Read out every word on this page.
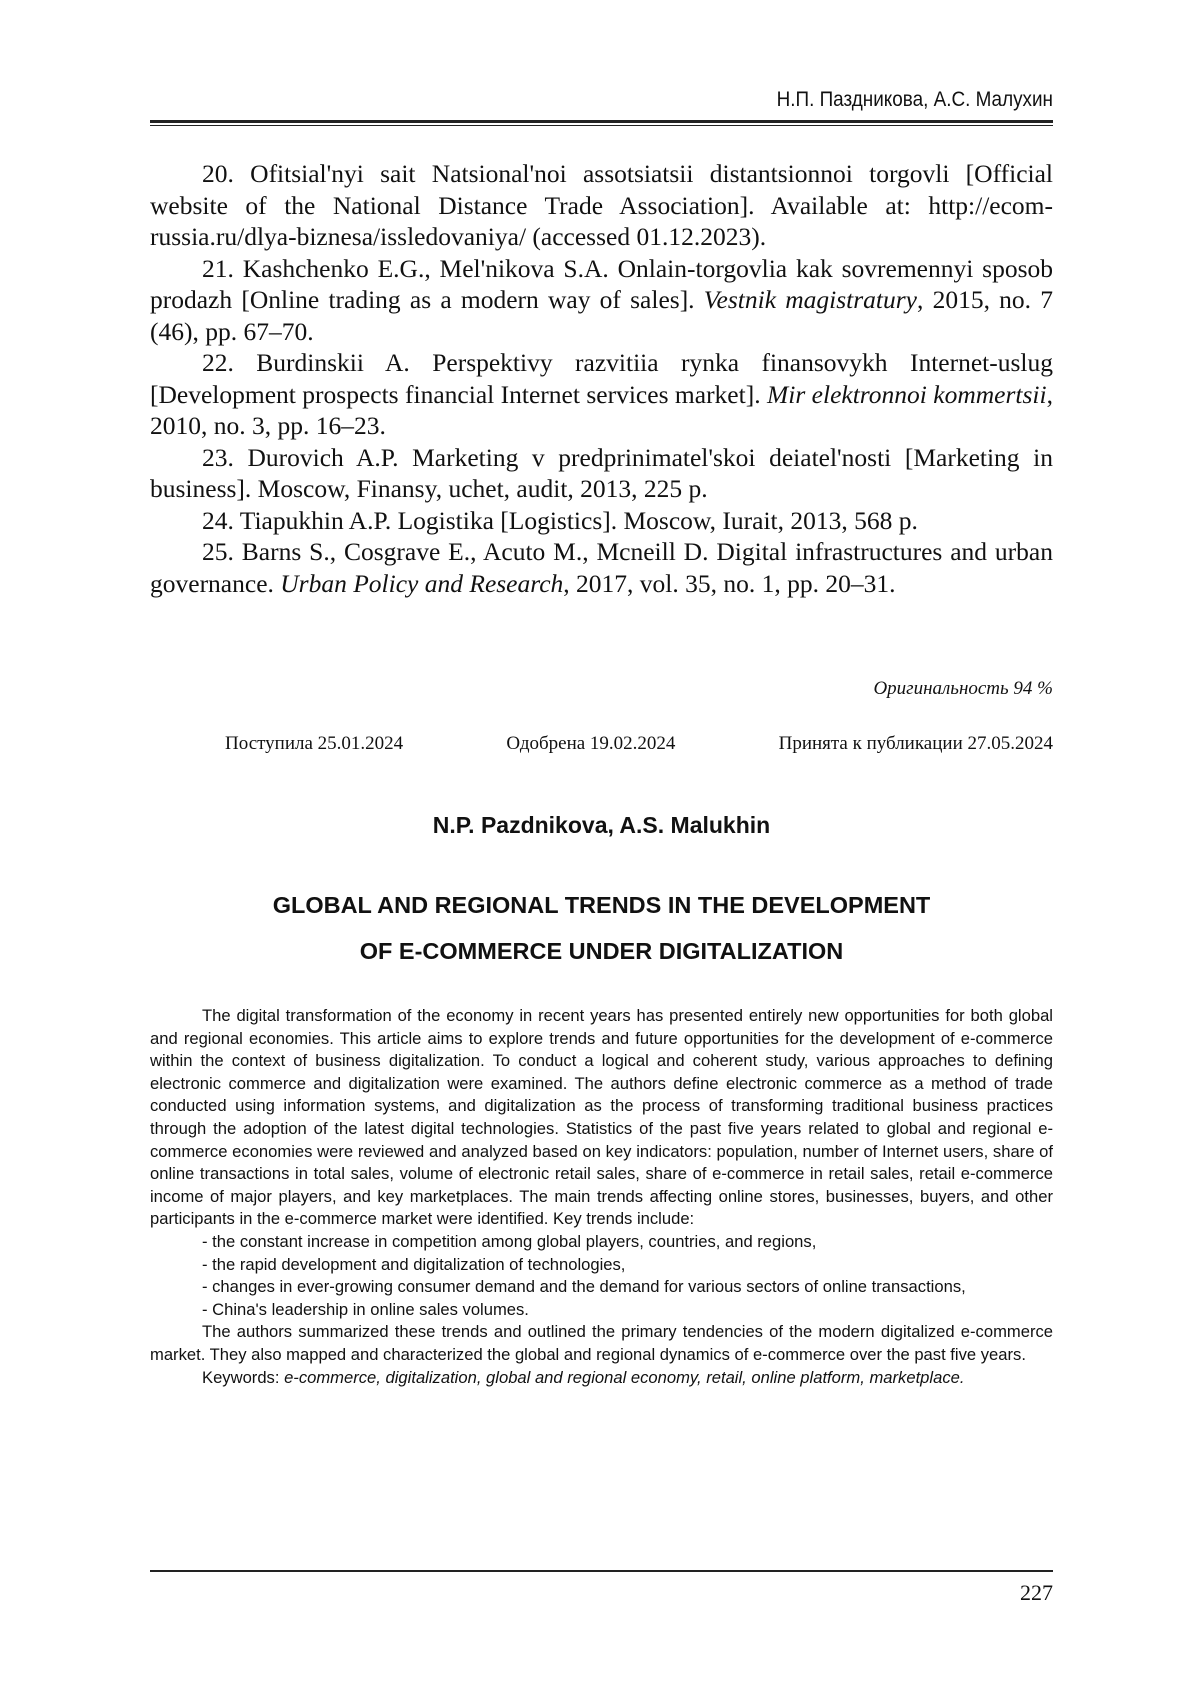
Н.П. Паздникова, А.С. Малухин

20. Ofitsial'nyi sait Natsional'noi assotsiatsii distantsionnoi torgovli [Official website of the National Distance Trade Association]. Available at: http://ecom-russia.ru/dlya-biznesa/issledovaniya/ (accessed 01.12.2023).

21. Kashchenko E.G., Mel'nikova S.A. Onlain-torgovlia kak sovremennyi sposob prodazh [Online trading as a modern way of sales]. Vestnik magistratury, 2015, no. 7 (46), pp. 67–70.

22. Burdinskii A. Perspektivy razvitiia rynka finansovykh Internet-uslug [Development prospects financial Internet services market]. Mir elektronnoi kommertsii, 2010, no. 3, pp. 16–23.

23. Durovich A.P. Marketing v predprinimatel'skoi deiatel'nosti [Marketing in business]. Moscow, Finansy, uchet, audit, 2013, 225 p.

24. Tiapukhin A.P. Logistika [Logistics]. Moscow, Iurait, 2013, 568 p.

25. Barns S., Cosgrave E., Acuto M., Mcneill D. Digital infrastructures and urban governance. Urban Policy and Research, 2017, vol. 35, no. 1, pp. 20–31.

Оригинальность 94 %
Поступила 25.01.2024	Одобрена 19.02.2024	Принята к публикации 27.05.2024
N.P. Pazdnikova, A.S. Malukhin
GLOBAL AND REGIONAL TRENDS IN THE DEVELOPMENT
OF E-COMMERCE UNDER DIGITALIZATION

The digital transformation of the economy in recent years has presented entirely new opportunities for both global and regional economies. This article aims to explore trends and future opportunities for the development of e-commerce within the context of business digitalization. To conduct a logical and coherent study, various approaches to defining electronic commerce and digitalization were examined. The authors define electronic commerce as a method of trade conducted using information systems, and digitalization as the process of transforming traditional business practices through the adoption of the latest digital technologies. Statistics of the past five years related to global and regional e-commerce economies were reviewed and analyzed based on key indicators: population, number of Internet users, share of online transactions in total sales, volume of electronic retail sales, share of e-commerce in retail sales, retail e-commerce income of major players, and key marketplaces. The main trends affecting online stores, businesses, buyers, and other participants in the e-commerce market were identified. Key trends include:

- the constant increase in competition among global players, countries, and regions,

- the rapid development and digitalization of technologies,

- changes in ever-growing consumer demand and the demand for various sectors of online transactions,

- China's leadership in online sales volumes.

The authors summarized these trends and outlined the primary tendencies of the modern digitalized e-commerce market. They also mapped and characterized the global and regional dynamics of e-commerce over the past five years.

Keywords: e-commerce, digitalization, global and regional economy, retail, online platform, marketplace.

227
